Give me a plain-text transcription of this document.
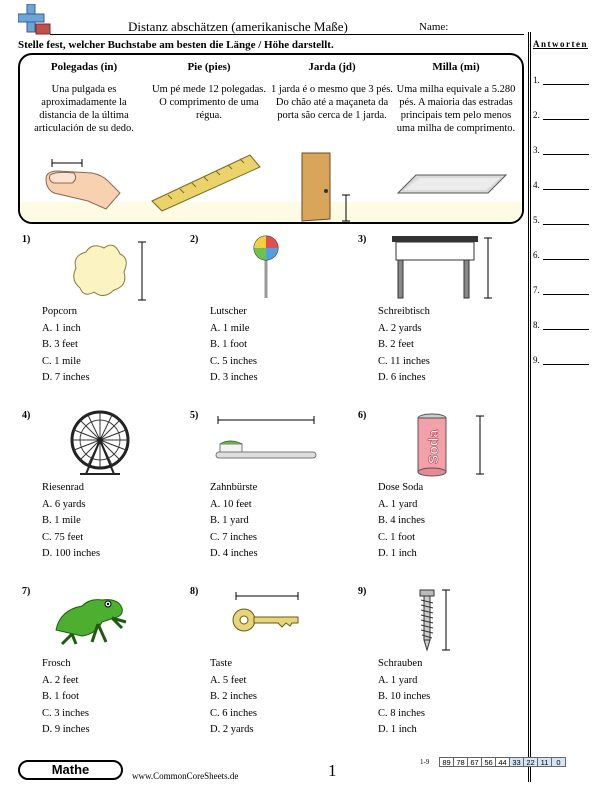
Distanz abschätzen (amerikanische Maße)	Name:
Stelle fest, welcher Buchstabe am besten die Länge / Höhe darstellt.
Polegadas (in)

Una pulgada es aproximadamente la distancia de la última articulación de su dedo.

Pie (pies)

Um pé mede 12 polegadas. O comprimento de uma régua.

Jarda (jd)

1 jarda é o mesmo que 3 pés. Do chão até a maçaneta da porta são cerca de 1 jarda.

Milla (mi)

Uma milha equivale a 5.280 pés. A maioria das estradas principais tem pelo menos uma milha de comprimento.

Antworten
1.
2.
3.
4.
5.
6.
7.
8.
9.
1)
Popcorn
A. 1 inch
B. 3 feet
C. 1 mile
D. 7 inches
2)
Lutscher
A. 1 mile
B. 1 foot
C. 5 inches
D. 3 inches
3)
Schreibtisch
A. 2 yards
B. 2 feet
C. 11 inches
D. 6 inches
4)
Riesenrad
A. 6 yards
B. 1 mile
C. 75 feet
D. 100 inches
5)
Zahnbürste
A. 10 feet
B. 1 yard
C. 7 inches
D. 4 inches
6)
Soda
Dose Soda
A. 1 yard
B. 4 inches
C. 1 foot
D. 1 inch
7)
Frosch
A. 2 feet
B. 1 foot
C. 3 inches
D. 9 inches
8)
Taste
A. 5 feet
B. 2 inches
C. 6 inches
D. 2 yards
9)
Schrauben
A. 1 yard
B. 10 inches
C. 8 inches
D. 1 inch
Mathe	www.CommonCoreSheets.de	1	1-9	89 78 67 56 44 33 22 11	0
